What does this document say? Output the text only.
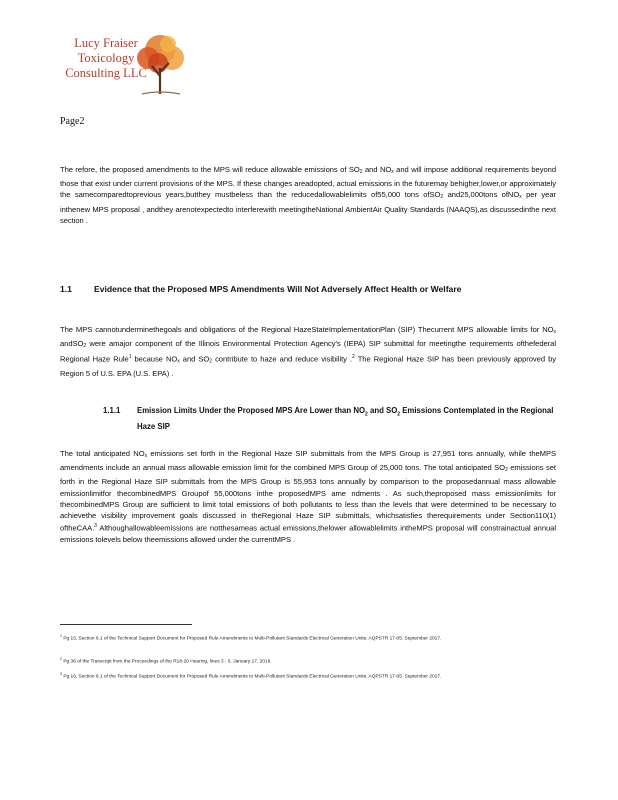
Lucy Fraiser
Toxicology
Consulting LLC
Page2
The refore, the proposed amendments to the MPS will reduce allowable emissions of $SO_2$ and $NO_x$ and will impose additional requirements beyond those that exist under current provisions of the MPS. If these changes areadopted, actual emissions in the futuremay behigher,lower,or approximately the samecomparedtoprevious years,butthey mustbeless than the reducedallowablelimits of55,000 tons ofSO$_2$ and25,000tons ofNO$_x$ per year inthenew MPS proposal , andthey arenotexpectedto interferewith meetingtheNational AmbientAir Quality Standards (NAAQS),as discussedinthe next section .
1.1	Evidence that the Proposed MPS Amendments Will Not Adversely Affect Health or Welfare
The MPS cannotunderminethegoals and obligations of the Regional HazeStateImplementationPlan (SIP) Thecurrent MPS allowable limits for $NO_x$ andSO$_2$ were amajor component of the Illinois Environmental Protection Agency's (IEPA) SIP submittal for meetingthe requirements ofthefederal Regional Haze Rule$^1$ because $NO_x$ and $SO_2$ contribute to haze and reduce visibility .$^2$ The Regional Haze SIP has been previously approved by Region 5 of U.S. EPA (U.S. EPA) .
1.1.1 Emission Limits Under the Proposed MPS Are Lower than $NO_2$ and $SO_2$ Emissions Contemplated in the Regional Haze SIP
The total anticipated $NO_x$ emissions set forth in the Regional Haze SIP submittals from the MPS Group is 27,951 tons annually, while theMPS amendments include an annual mass allowable emission limit for the combined MPS Group of 25,000 tons. The total anticipated $SO_2$ emissions set forth in the Regional Haze SIP submittals from the MPS Group is 55,953 tons annually by comparison to the proposedannual mass allowable emissionlimitfor thecombinedMPS Groupof 55,000tons inthe proposedMPS ame ndments . As such,theproposed mass emissionlimits for thecombinedMPS Group are sufficient to limit total emissions of both pollutants to less than the levels that were determined to be necessary to achievethe visibility improvement goals discussed in theRegional Haze SIP submittals, whichsatisfies therequirements under Section110(1) oftheCAA.$^3$ Althoughallowableemissions are notthesameas actual emissions,thelower allowablelimits intheMPS proposal will constrainactual annual emissions tolevels below theemissions allowed under the currentMPS .
$^1$ Pg 15, Section 6.1 of the Technical Support Document for Proposed Rule Amendments to Multi-Pollutant Standards Electrical Generation Units. AQPSTR 17-05. September 2017.
$^2$ Pg 36 of the Transcript from the Proceedings of the R18-20 Hearing, lines 3 - 5. January 17, 2018.
$^3$ Pg 16, Section 6.1 of the Technical Support Document for Proposed Rule Amendments to Multi-Pollutant Standards Electrical Generation Units. AQPSTR 17-05. September 2017.
